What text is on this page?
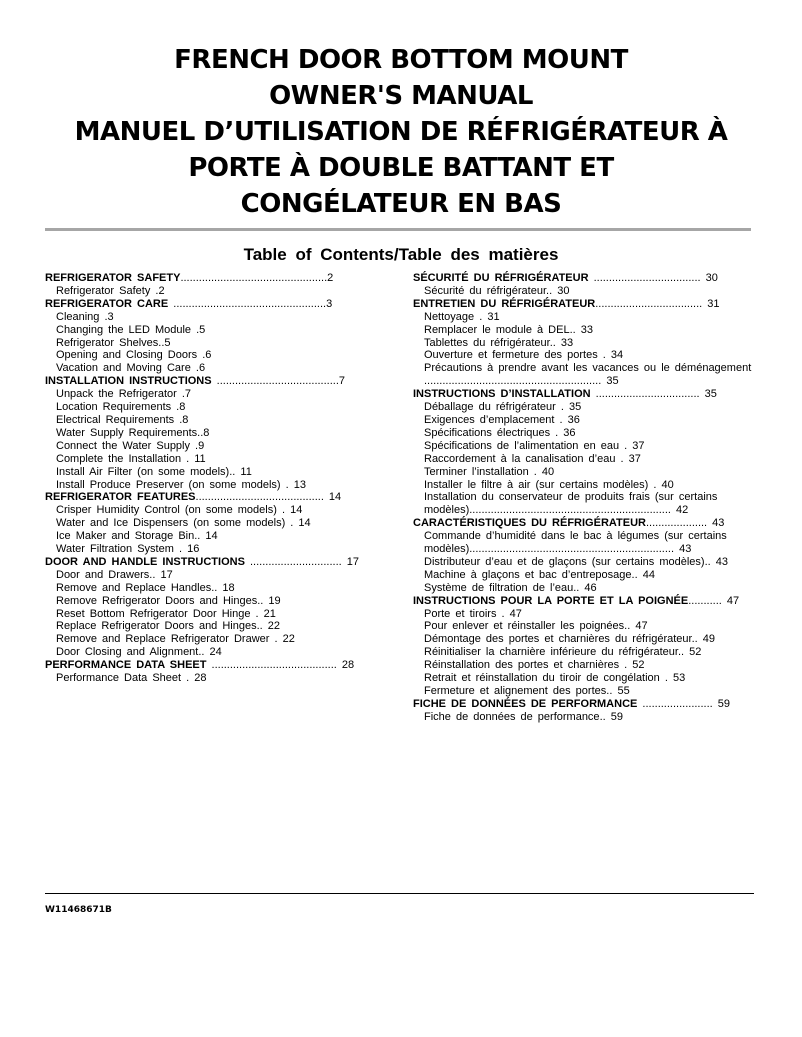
FRENCH DOOR BOTTOM MOUNT
OWNER'S MANUAL
MANUEL D’UTILISATION DE RÉFRIGÉRATEUR À
PORTE À DOUBLE BATTANT ET
CONGÉLATEUR EN BAS
Table of Contents/Table des matières
REFRIGERATOR SAFETY................................................2
Refrigerator Safety .2
REFRIGERATOR CARE ..................................................3
Cleaning .3
Changing the LED Module .5
Refrigerator Shelves..5
Opening and Closing Doors .6
Vacation and Moving Care .6
INSTALLATION INSTRUCTIONS ........................................7
Unpack the Refrigerator .7
Location Requirements .8
Electrical Requirements .8
Water Supply Requirements..8
Connect the Water Supply .9
Complete the Installation . 11
Install Air Filter (on some models).. 11
Install Produce Preserver (on some models) . 13
REFRIGERATOR FEATURES.......................................... 14
Crisper Humidity Control (on some models) . 14
Water and Ice Dispensers (on some models) . 14
Ice Maker and Storage Bin.. 14
Water Filtration System . 16
DOOR AND HANDLE INSTRUCTIONS .............................. 17
Door and Drawers.. 17
Remove and Replace Handles.. 18
Remove Refrigerator Doors and Hinges.. 19
Reset Bottom Refrigerator Door Hinge . 21
Replace Refrigerator Doors and Hinges.. 22
Remove and Replace Refrigerator Drawer . 22
Door Closing and Alignment.. 24
PERFORMANCE DATA SHEET ......................................... 28
Performance Data Sheet . 28
SÉCURITÉ DU RÉFRIGÉRATEUR ................................... 30
Sécurité du réfrigérateur.. 30
ENTRETIEN DU RÉFRIGÉRATEUR................................... 31
Nettoyage . 31
Remplacer le module à DEL.. 33
Tablettes du réfrigérateur.. 33
Ouverture et fermeture des portes . 34
Précautions à prendre avant les vacances ou le déménagement .......................................................... 35
INSTRUCTIONS D’INSTALLATION .................................. 35
Déballage du réfrigérateur . 35
Exigences d’emplacement . 36
Spécifications électriques . 36
Spécifications de l’alimentation en eau . 37
Raccordement à la canalisation d’eau . 37
Terminer l’installation . 40
Installer le filtre à air (sur certains modèles) . 40
Installation du conservateur de produits frais (sur certains modèles).................................................................. 42
CARACTÉRISTIQUES DU RÉFRIGÉRATEUR.................... 43
Commande d’humidité dans le bac à légumes (sur certains modèles)................................................................... 43
Distributeur d’eau et de glaçons (sur certains modèles).. 43
Machine à glaçons et bac d’entreposage.. 44
Système de filtration de l’eau.. 46
INSTRUCTIONS POUR LA PORTE ET LA POIGNÉE........... 47
Porte et tiroirs . 47
Pour enlever et réinstaller les poignées.. 47
Démontage des portes et charnières du réfrigérateur.. 49
Réinitialiser la charnière inférieure du réfrigérateur.. 52
Réinstallation des portes et charnières . 52
Retrait et réinstallation du tiroir de congélation . 53
Fermeture et alignement des portes.. 55
FICHE DE DONNÉES DE PERFORMANCE ....................... 59
Fiche de données de performance.. 59
W11468671B
